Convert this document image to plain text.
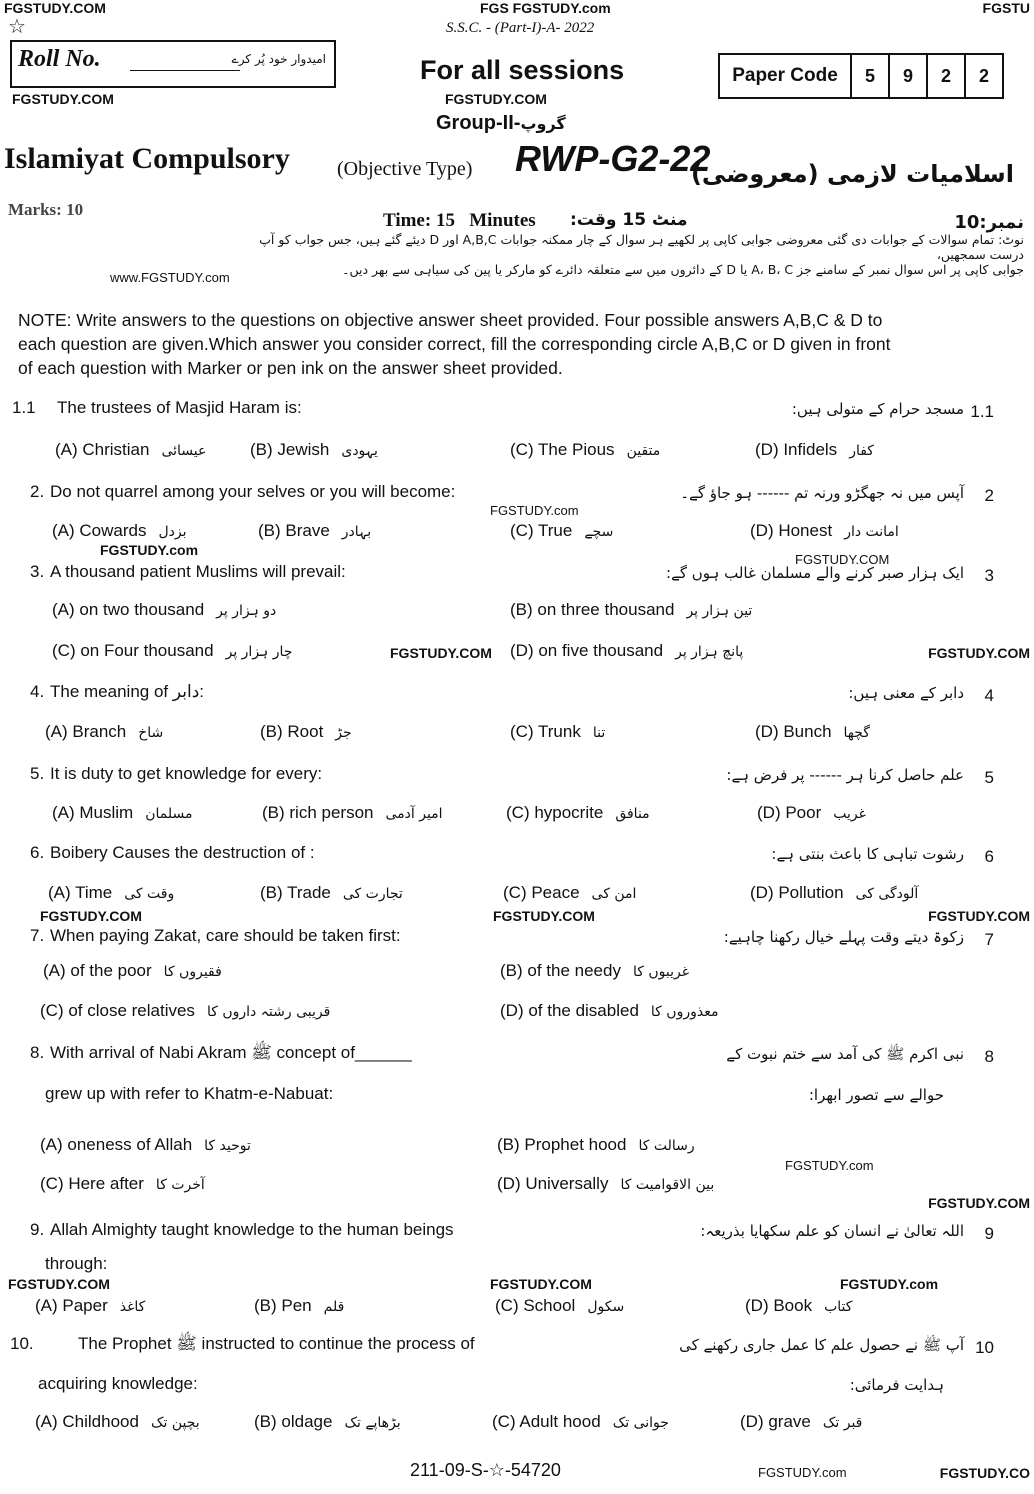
☆	S.S.C. - (Part-I)-A- 2022
Roll No.	امیدوار خود پُر کرے	For all sessions	Paper Code	5	9	2	2
Group-II-گروپ
Islamiyat Compulsory (Objective Type) RWP-G2-22
اسلامیات لازمی (معروضی)
Marks: 10
Time: 15   Minutes منٹ 15 وقت:	نمبر:10
نوٹ: تمام سوالات کے جوابات دی گئی معروضی جوابی کاپی پر لکھیے ہر سوال کے چار ممکنہ جوابات A,B,C اور D دیئے گئے ہیں، جس جواب کو آپ درست سمجھیں،
جوابی کاپی پر اس سوال نمبر کے سامنے جز A، B، C یا D کے دائروں میں سے متعلقہ دائرے کو مارکر یا پین کی سیاہی سے بھر دیں۔
NOTE: Write answers to the questions on objective answer sheet provided. Four possible answers A,B,C & D to
each question are given.Which answer you consider correct, fill the corresponding circle A,B,C or D given in front
of each question with Marker or pen ink on the answer sheet provided.
1.1 The trustees of Masjid Haram is:	مسجد حرام کے متولی ہیں: 1.1
(A) Christian عیسائی	(B) Jewish یہودی	(C) The Pious متقین	(D) Infidels کفار
2. Do not quarrel among your selves or you will become:	آپس میں نہ جھگڑو ورنہ تم ------ ہو جاؤ گے۔ 2
(A) Cowards بزدل	(B) Brave بہادر	(C) True سچے	(D) Honest امانت دار
3. A thousand patient Muslims will prevail:	ایک ہزار صبر کرنے والے مسلمان غالب ہوں گے: 3
(A) on two thousand دو ہزار پر	(B) on three thousand تین ہزار پر
(C) on Four thousand چار ہزار پر	(D) on five thousand پانچ ہزار پر
4. The meaning of دابر:	دابر کے معنی ہیں: 4
(A) Branch شاخ	(B) Root جڑ	(C) Trunk تنا	(D) Bunch گچھا
5. It is duty to get knowledge for every:	علم حاصل کرنا ہر ------ پر فرض ہے: 5
(A) Muslim مسلمان	(B) rich person امیر آدمی	(C) hypocrite منافق	(D) Poor غریب
6. Boibery Causes the destruction of :	رشوت تباہی کا باعث بنتی ہے: 6
(A) Time وقت کی	(B) Trade تجارت کی	(C) Peace امن کی	(D) Pollution آلودگی کی
7. When paying Zakat, care should be taken first:	زکوۃ دیتے وقت پہلے خیال رکھنا چاہیے: 7
(A) of the poor فقیروں کا	(B) of the needy غریبوں کا
(C) of close relatives قریبی رشتہ داروں کا	(D) of the disabled معذوروں کا
8. With arrival of Nabi Akram ﷺ concept of______
grew up with refer to Khatm-e-Nabuat:
نبی اکرم ﷺ کی آمد سے ختم نبوت کے
حوالے سے تصور ابھرا:
8
(A) oneness of Allah توحید کا	(B) Prophet hood رسالت کا
(C) Here after آخرت کا	(D) Universally بین الاقوامیت کا
9. Allah Almighty taught knowledge to the human beings
through:
اللہ تعالیٰ نے انسان کو علم سکھایا بذریعہ: 9
(A) Paper کاغذ	(B) Pen قلم	(C) School سکول	(D) Book کتاب
10.	The Prophet ﷺ instructed to continue the process of
acquiring knowledge:
آپ ﷺ نے حصول علم کا عمل جاری رکھنے کی
ہدایت فرمائی:
10
(A) Childhood بچپن تک	(B) oldage بڑھاپے تک	(C) Adult hood جوانی تک	(D) grave قبر تک
FGSTUDY.COM	FGS FGSTUDY.com	FGSTU
FGSTUDY.COM	FGSTUDY.COM
www.FGSTUDY.com
FGSTUDY.com
FGSTUDY.com
FGSTUDY.COM
FGSTUDY.COM	FGSTUDY.COM
FGSTUDY.COM	FGSTUDY.COM	FGSTUDY.COM
FGSTUDY.com
FGSTUDY.COM
FGSTUDY.COM	FGSTUDY.COM	FGSTUDY.com
FGSTUDY.com	FGSTUDY.CO
211-09-S-☆-54720
